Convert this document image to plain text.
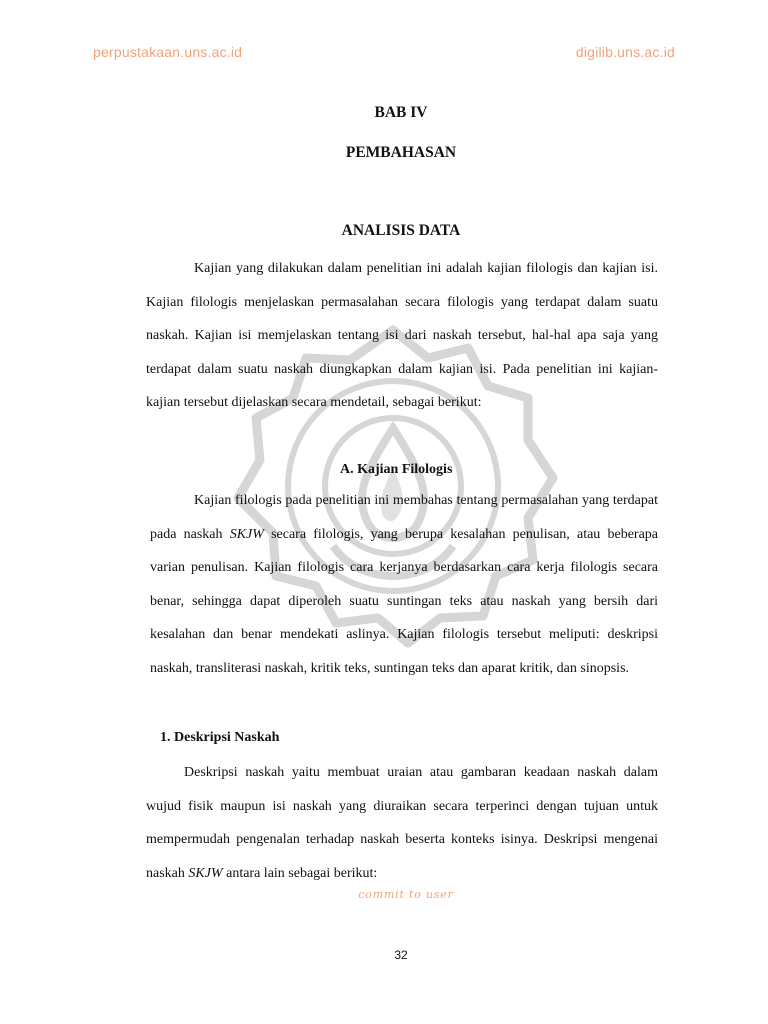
perpustakaan.uns.ac.id	digilib.uns.ac.id
BAB IV
PEMBAHASAN
ANALISIS DATA

Kajian yang dilakukan dalam penelitian ini adalah kajian filologis dan kajian isi. Kajian filologis menjelaskan permasalahan secara filologis yang terdapat dalam suatu naskah. Kajian isi memjelaskan tentang isi dari naskah tersebut, hal-hal apa saja yang terdapat dalam suatu naskah diungkapkan dalam kajian isi. Pada penelitian ini kajian-kajian tersebut dijelaskan secara mendetail, sebagai berikut:

A. Kajian Filologis

Kajian filologis pada penelitian ini membahas tentang permasalahan yang terdapat pada naskah SKJW secara filologis, yang berupa kesalahan penulisan, atau beberapa varian penulisan. Kajian filologis cara kerjanya berdasarkan cara kerja filologis secara benar, sehingga dapat diperoleh suatu suntingan teks atau naskah yang bersih dari kesalahan dan benar mendekati aslinya. Kajian filologis tersebut meliputi: deskripsi naskah, transliterasi naskah, kritik teks, suntingan teks dan aparat kritik, dan sinopsis.

1. Deskripsi Naskah

Deskripsi naskah yaitu membuat uraian atau gambaran keadaan naskah dalam wujud fisik maupun isi naskah yang diuraikan secara terperinci dengan tujuan untuk mempermudah pengenalan terhadap naskah beserta konteks isinya. Deskripsi mengenai naskah SKJW antara lain sebagai berikut:

commit to user
32
